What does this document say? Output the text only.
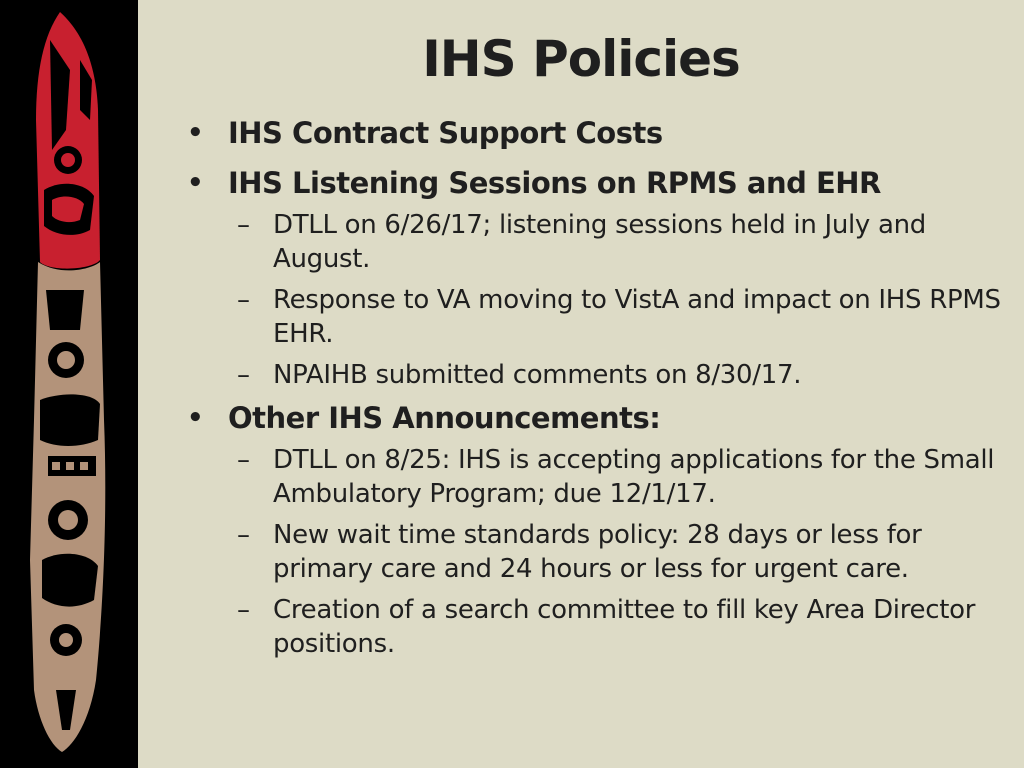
IHS Policies
• IHS Contract Support Costs
• IHS Listening Sessions on RPMS and EHR
– DTLL on 6/26/17; listening sessions held in July and August.
– Response to VA moving to VistA and impact on IHS RPMS EHR.
– NPAIHB submitted comments on 8/30/17.
• Other IHS Announcements:
– DTLL on 8/25: IHS is accepting applications for the Small Ambulatory Program; due 12/1/17.
– New wait time standards policy: 28 days or less for primary care and 24 hours or less for urgent care.
– Creation of a search committee to fill key Area Director positions.
